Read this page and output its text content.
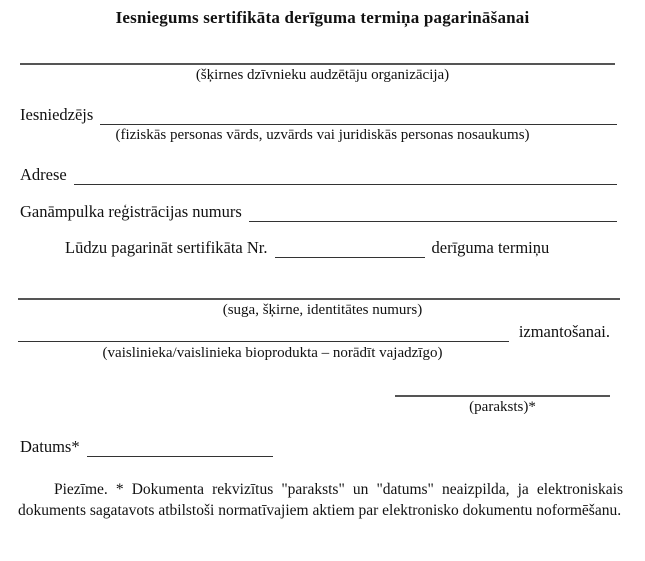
Iesniegums sertifikāta derīguma termiņa pagarināšanai
(šķirnes dzīvnieku audzētāju organizācija)
Iesniedzējs
(fiziskās personas vārds, uzvārds vai juridiskās personas nosaukums)
Adrese
Ganāmpulka reģistrācijas numurs
Lūdzu pagarināt sertifikāta Nr.	derīguma termiņu
(suga, šķirne, identitātes numurs)
izmantošanai.
(vaislinieka/vaislinieka bioprodukta – norādīt vajadzīgo)
(paraksts)*
Datums*
Piezīme. * Dokumenta rekvizītus "paraksts" un "datums" neaizpilda, ja elektroniskais dokuments sagatavots atbilstoši normatīvajiem aktiem par elektronisko dokumentu noformēšanu.
